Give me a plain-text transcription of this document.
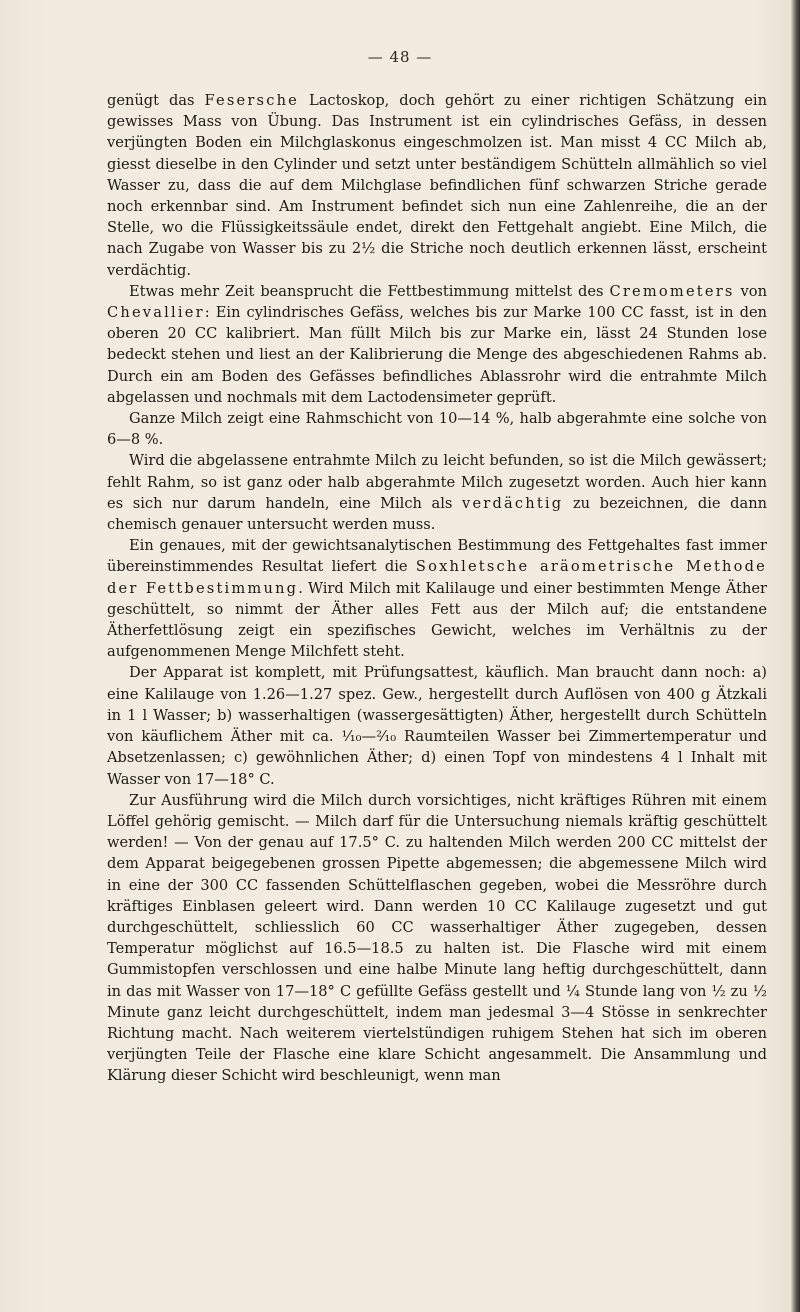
— 48 —

genügt das Fesersche Lactoskop, doch gehört zu einer richtigen Schätzung ein gewisses Mass von Übung. Das Instrument ist ein cylindrisches Gefäss, in dessen verjüngten Boden ein Milchglaskonus eingeschmolzen ist. Man misst 4 CC Milch ab, giesst dieselbe in den Cylinder und setzt unter beständigem Schütteln allmählich so viel Wasser zu, dass die auf dem Milchglase befindlichen fünf schwarzen Striche gerade noch erkennbar sind. Am Instrument befindet sich nun eine Zahlenreihe, die an der Stelle, wo die Flüssigkeitssäule endet, direkt den Fettgehalt angiebt. Eine Milch, die nach Zugabe von Wasser bis zu 2½ die Striche noch deutlich erkennen lässt, erscheint verdächtig.

Etwas mehr Zeit beansprucht die Fettbestimmung mittelst des Cremometers von Chevallier: Ein cylindrisches Gefäss, welches bis zur Marke 100 CC fasst, ist in den oberen 20 CC kalibriert. Man füllt Milch bis zur Marke ein, lässt 24 Stunden lose bedeckt stehen und liest an der Kalibrierung die Menge des abgeschiedenen Rahms ab. Durch ein am Boden des Gefässes befindliches Ablassrohr wird die entrahmte Milch abgelassen und nochmals mit dem Lactodensimeter geprüft.

Ganze Milch zeigt eine Rahmschicht von 10—14 %, halb abgerahmte eine solche von 6—8 %.

Wird die abgelassene entrahmte Milch zu leicht befunden, so ist die Milch gewässert; fehlt Rahm, so ist ganz oder halb abgerahmte Milch zugesetzt worden. Auch hier kann es sich nur darum handeln, eine Milch als verdächtig zu bezeichnen, die dann chemisch genauer untersucht werden muss.

Ein genaues, mit der gewichtsanalytischen Bestimmung des Fettgehaltes fast immer übereinstimmendes Resultat liefert die Soxhletsche aräometrische Methode der Fettbestimmung. Wird Milch mit Kalilauge und einer bestimmten Menge Äther geschüttelt, so nimmt der Äther alles Fett aus der Milch auf; die entstandene Ätherfettlösung zeigt ein spezifisches Gewicht, welches im Verhältnis zu der aufgenommenen Menge Milchfett steht.

Der Apparat ist komplett, mit Prüfungsattest, käuflich. Man braucht dann noch: a) eine Kalilauge von 1.26—1.27 spez. Gew., hergestellt durch Auflösen von 400 g Ätzkali in 1 l Wasser; b) wasserhaltigen (wassergesättigten) Äther, hergestellt durch Schütteln von käuflichem Äther mit ca. ¹⁄₁₀—²⁄₁₀ Raumteilen Wasser bei Zimmertemperatur und Absetzenlassen; c) gewöhnlichen Äther; d) einen Topf von mindestens 4 l Inhalt mit Wasser von 17—18° C.

Zur Ausführung wird die Milch durch vorsichtiges, nicht kräftiges Rühren mit einem Löffel gehörig gemischt. — Milch darf für die Untersuchung niemals kräftig geschüttelt werden! — Von der genau auf 17.5° C. zu haltenden Milch werden 200 CC mittelst der dem Apparat beigegebenen grossen Pipette abgemessen; die abgemessene Milch wird in eine der 300 CC fassenden Schüttelflaschen gegeben, wobei die Messröhre durch kräftiges Einblasen geleert wird. Dann werden 10 CC Kalilauge zugesetzt und gut durchgeschüttelt, schliesslich 60 CC wasserhaltiger Äther zugegeben, dessen Temperatur möglichst auf 16.5—18.5 zu halten ist. Die Flasche wird mit einem Gummistopfen verschlossen und eine halbe Minute lang heftig durchgeschüttelt, dann in das mit Wasser von 17—18° C gefüllte Gefäss gestellt und ¼ Stunde lang von ½ zu ½ Minute ganz leicht durchgeschüttelt, indem man jedesmal 3—4 Stösse in senkrechter Richtung macht. Nach weiterem viertelstündigen ruhigem Stehen hat sich im oberen verjüngten Teile der Flasche eine klare Schicht angesammelt. Die Ansammlung und Klärung dieser Schicht wird beschleunigt, wenn man
